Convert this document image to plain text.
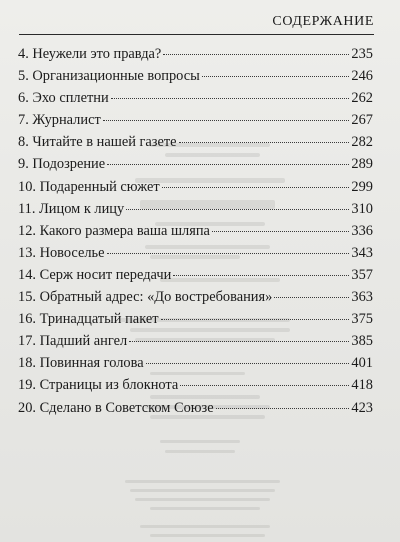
СОДЕРЖАНИЕ
4. Неужели это правда?	235
5. Организационные вопросы	246
6. Эхо сплетни	262
7. Журналист	267
8. Читайте в нашей газете	282
9. Подозрение	289
10. Подаренный сюжет	299
11. Лицом к лицу	310
12. Какого размера ваша шляпа	336
13. Новоселье	343
14. Серж носит передачи	357
15. Обратный адрес: «До востребования»	363
16. Тринадцатый пакет	375
17. Падший ангел	385
18. Повинная голова	401
19. Страницы из блокнота	418
20. Сделано в Советском Союзе	423
